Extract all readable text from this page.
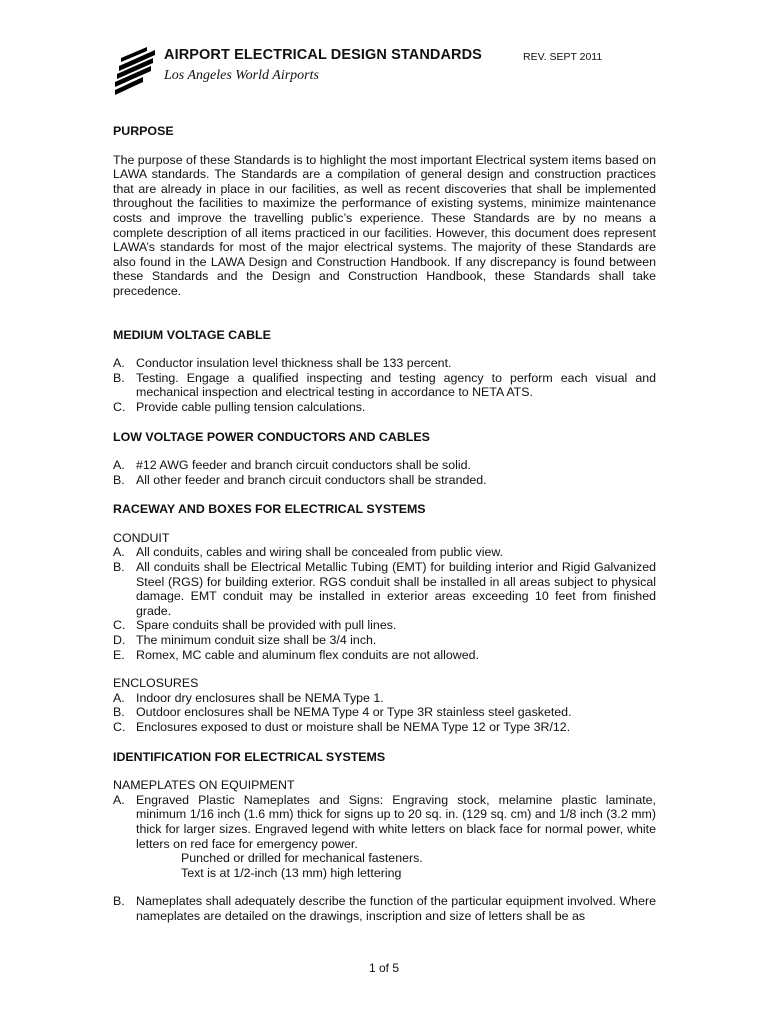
AIRPORT ELECTRICAL DESIGN STANDARDS
Los Angeles World Airports
REV. SEPT 2011

PURPOSE

The purpose of these Standards is to highlight the most important Electrical system items based on LAWA standards. The Standards are a compilation of general design and construction practices that are already in place in our facilities, as well as recent discoveries that shall be implemented throughout the facilities to maximize the performance of existing systems, minimize maintenance costs and improve the travelling public’s experience. These Standards are by no means a complete description of all items practiced in our facilities. However, this document does represent LAWA’s standards for most of the major electrical systems. The majority of these Standards are also found in the LAWA Design and Construction Handbook. If any discrepancy is found between these Standards and the Design and Construction Handbook, these Standards shall take precedence.

MEDIUM VOLTAGE CABLE

A. Conductor insulation level thickness shall be 133 percent.
B. Testing. Engage a qualified inspecting and testing agency to perform each visual and mechanical inspection and electrical testing in accordance to NETA ATS.
C. Provide cable pulling tension calculations.

LOW VOLTAGE POWER CONDUCTORS AND CABLES

A. #12 AWG feeder and branch circuit conductors shall be solid.
B. All other feeder and branch circuit conductors shall be stranded.

RACEWAY AND BOXES FOR ELECTRICAL SYSTEMS

CONDUIT

A. All conduits, cables and wiring shall be concealed from public view.
B. All conduits shall be Electrical Metallic Tubing (EMT) for building interior and Rigid Galvanized Steel (RGS) for building exterior. RGS conduit shall be installed in all areas subject to physical damage. EMT conduit may be installed in exterior areas exceeding 10 feet from finished grade.
C. Spare conduits shall be provided with pull lines.
D. The minimum conduit size shall be 3/4 inch.
E. Romex, MC cable and aluminum flex conduits are not allowed.

ENCLOSURES

A. Indoor dry enclosures shall be NEMA Type 1.
B. Outdoor enclosures shall be NEMA Type 4 or Type 3R stainless steel gasketed.
C. Enclosures exposed to dust or moisture shall be NEMA Type 12 or Type 3R/12.

IDENTIFICATION FOR ELECTRICAL SYSTEMS

NAMEPLATES ON EQUIPMENT

A. Engraved Plastic Nameplates and Signs: Engraving stock, melamine plastic laminate, minimum 1/16 inch (1.6 mm) thick for signs up to 20 sq. in. (129 sq. cm) and 1/8 inch (3.2 mm) thick for larger sizes. Engraved legend with white letters on black face for normal power, white letters on red face for emergency power.
Punched or drilled for mechanical fasteners.
Text is at 1/2-inch (13 mm) high lettering
B. Nameplates shall adequately describe the function of the particular equipment involved. Where nameplates are detailed on the drawings, inscription and size of letters shall be as
1 of 5
